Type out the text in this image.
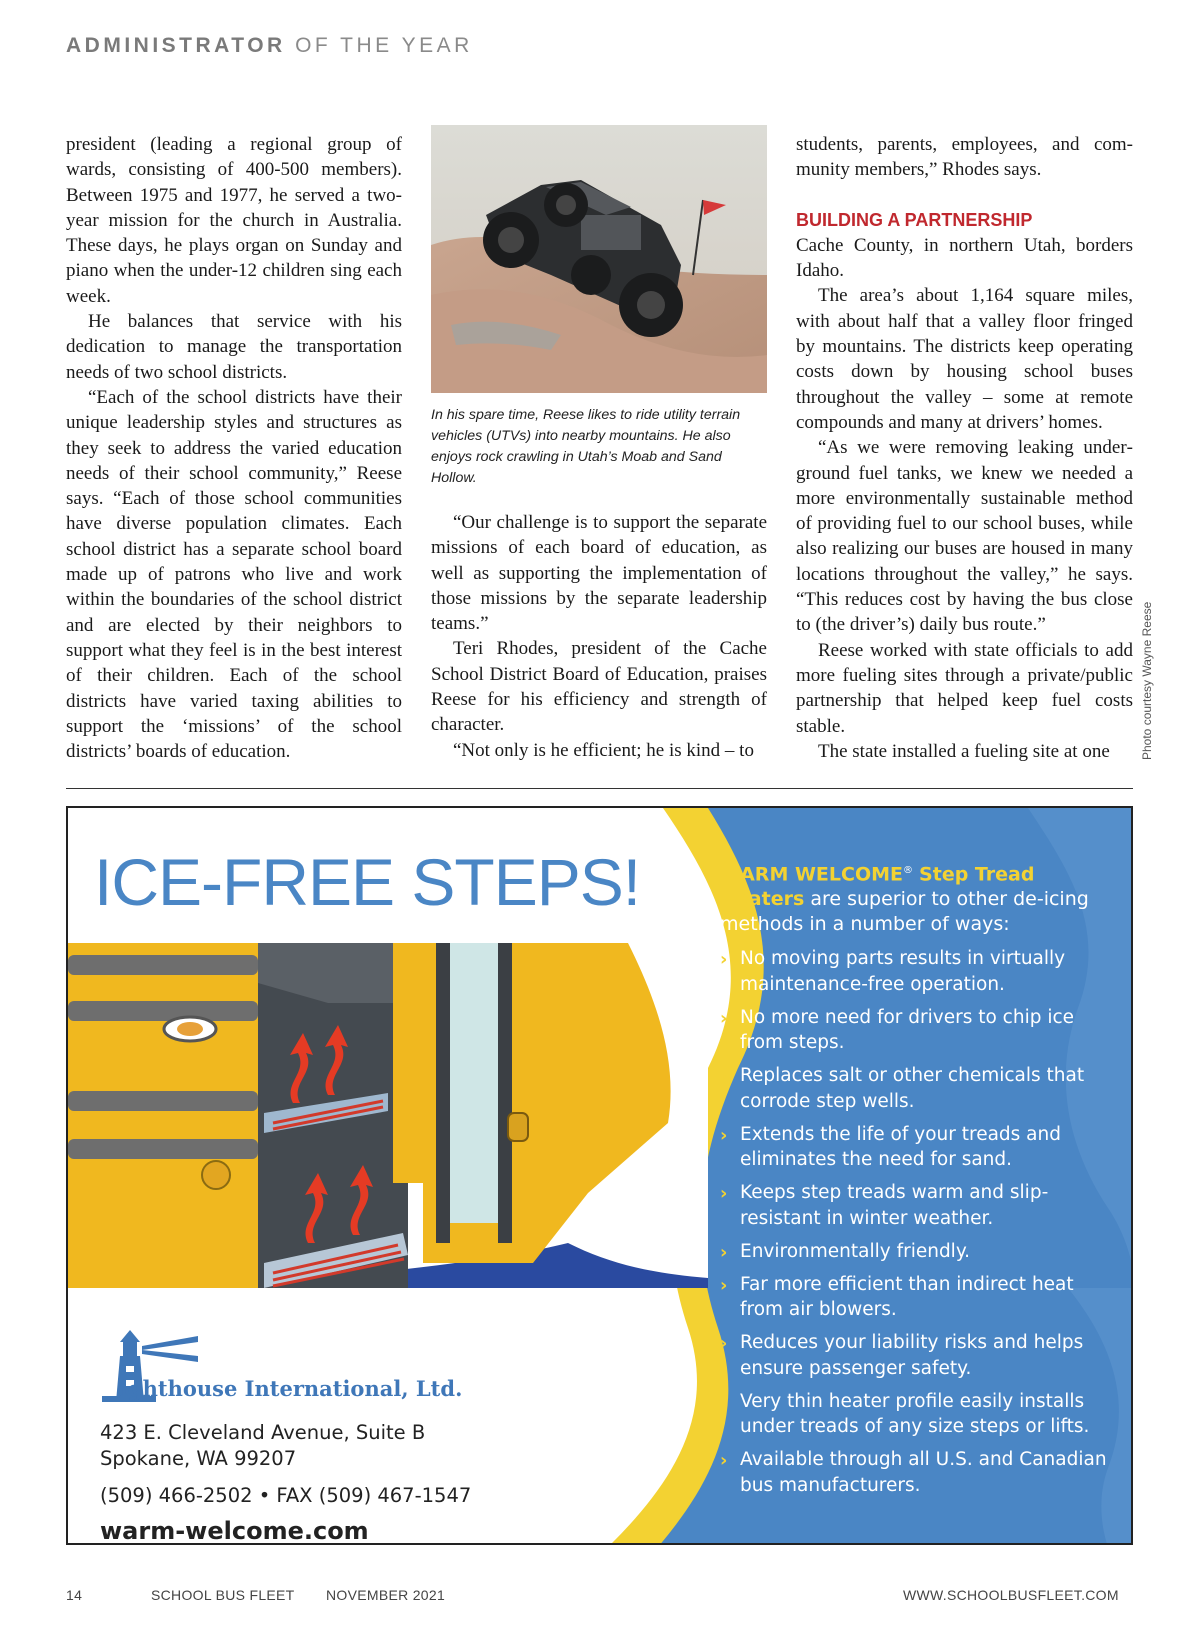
ADMINISTRATOR OF THE YEAR

president (leading a regional group of wards, consisting of 400-500 members). Between 1975 and 1977, he served a two-year mission for the church in Australia. These days, he plays organ on Sunday and piano when the under-12 children sing each week.

He balances that service with his dedication to manage the transportation needs of two school districts.

“Each of the school districts have their unique leadership styles and structures as they seek to address the varied education needs of their school community,” Reese says. “Each of those school communities have diverse population climates. Each school district has a separate school board made up of patrons who live and work within the boundaries of the school district and are elected by their neighbors to support what they feel is in the best interest of their children. Each of the school districts have varied taxing abilities to support the ‘missions’ of the school districts’ boards of education.

In his spare time, Reese likes to ride utility terrain vehicles (UTVs) into nearby mountains. He also enjoys rock crawling in Utah’s Moab and Sand Hollow.

“Our challenge is to support the separate missions of each board of education, as well as supporting the implementation of those missions by the separate leadership teams.”

Teri Rhodes, president of the Cache School District Board of Education, praises Reese for his efficiency and strength of character.

“Not only is he efficient; he is kind – to

students, parents, employees, and community members,” Rhodes says.

BUILDING A PARTNERSHIP

Cache County, in northern Utah, borders Idaho.

The area’s about 1,164 square miles, with about half that a valley floor fringed by mountains. The districts keep operating costs down by housing school buses throughout the valley – some at remote compounds and many at drivers’ homes.

“As we were removing leaking underground fuel tanks, we knew we needed a more environmentally sustainable method of providing fuel to our school buses, while also realizing our buses are housed in many locations throughout the valley,” he says. “This reduces cost by having the bus close to (the driver’s) daily bus route.”

Reese worked with state officials to add more fueling sites through a private/public partnership that helped keep fuel costs stable.

The state installed a fueling site at one	Photo courtesy Wayne Reese
ICE-FREE STEPS!	WARM WELCOME® Step Tread Heaters are superior to other de-icing methods in a number of ways:
› No moving parts results in virtually maintenance-free operation.
› No more need for drivers to chip ice from steps.
› Replaces salt or other chemicals that corrode step wells.
› Extends the life of your treads and eliminates the need for sand.
› Keeps step treads warm and slip-resistant in winter weather.
› Environmentally friendly.
› Far more efficient than indirect heat from air blowers.
› Reduces your liability risks and helps ensure passenger safety.
› Very thin heater profile easily installs under treads of any size steps or lifts.
› Available through all U.S. and Canadian bus manufacturers.
ighthouse International, Ltd.
423 E. Cleveland Avenue, Suite B
Spokane, WA 99207
(509) 466-2502 • FAX (509) 467-1547
warm-welcome.com
14	SCHOOL BUS FLEET NOVEMBER 2021	WWW.SCHOOLBUSFLEET.COM
